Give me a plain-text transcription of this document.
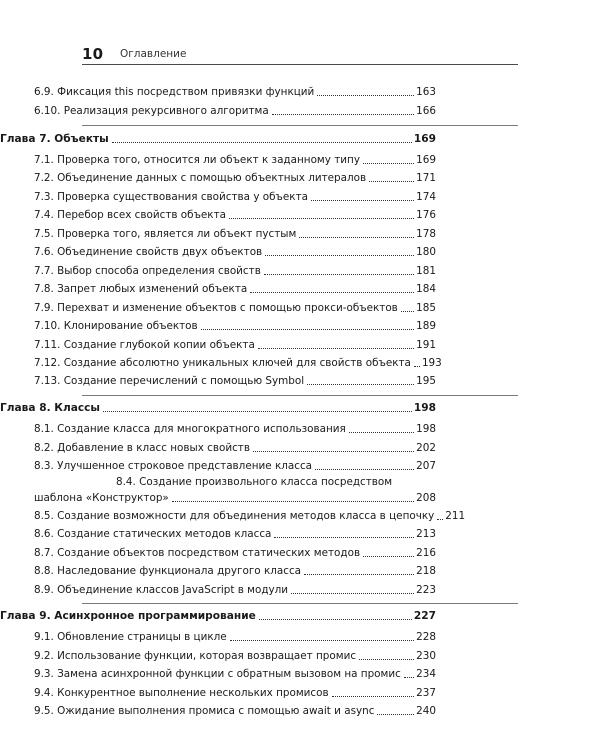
10 Оглавление
6.9. Фиксация this посредством привязки функций	163
6.10. Реализация рекурсивного алгоритма	166
Глава 7. Объекты	169
7.1. Проверка того, относится ли объект к заданному типу	169
7.2. Объединение данных с помощью объектных литералов	171
7.3. Проверка существования свойства у объекта	174
7.4. Перебор всех свойств объекта	176
7.5. Проверка того, является ли объект пустым	178
7.6. Объединение свойств двух объектов	180
7.7. Выбор способа определения свойств	181
7.8. Запрет любых изменений объекта	184
7.9. Перехват и изменение объектов с помощью прокси-объектов 185
7.10. Клонирование объектов	189
7.11. Создание глубокой копии объекта	191
7.12. Создание абсолютно уникальных ключей для свойств объекта 193
7.13. Создание перечислений с помощью Symbol	195
Глава 8. Классы	198
8.1. Создание класса для многократного использования	198
8.2. Добавление в класс новых свойств	202
8.3. Улучшенное строковое представление класса	207
8.4. Создание произвольного класса посредством
шаблона «Конструктор»	208
8.5. Создание возможности для объединения методов класса в цепочку 211
8.6. Создание статических методов класса	213
8.7. Создание объектов посредством статических методов	216
8.8. Наследование функционала другого класса	218
8.9. Объединение классов JavaScript в модули	223
Глава 9. Асинхронное программирование	227
9.1. Обновление страницы в цикле	228
9.2. Использование функции, которая возвращает промис	230
9.3. Замена асинхронной функции с обратным вызовом на промис 234
9.4. Конкурентное выполнение нескольких промисов	237
9.5. Ожидание выполнения промиса с помощью await и async	240
